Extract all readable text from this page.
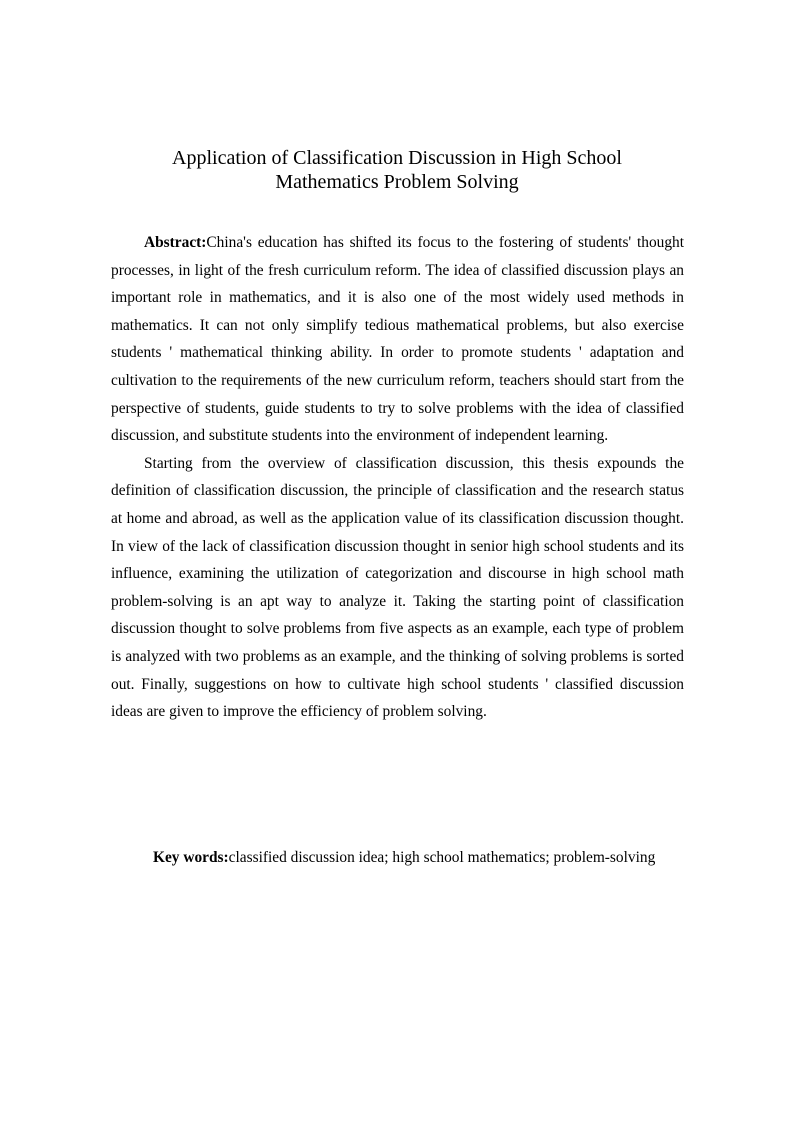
Application of Classification Discussion in High School
Mathematics Problem Solving

Abstract:China's education has shifted its focus to the fostering of students' thought processes, in light of the fresh curriculum reform. The idea of classified discussion plays an important role in mathematics, and it is also one of the most widely used methods in mathematics. It can not only simplify tedious mathematical problems, but also exercise students ' mathematical thinking ability. In order to promote students ' adaptation and cultivation to the requirements of the new curriculum reform, teachers should start from the perspective of students, guide students to try to solve problems with the idea of classified discussion, and substitute students into the environment of independent learning.

Starting from the overview of classification discussion, this thesis expounds the definition of classification discussion, the principle of classification and the research status at home and abroad, as well as the application value of its classification discussion thought. In view of the lack of classification discussion thought in senior high school students and its influence, examining the utilization of categorization and discourse in high school math problem-solving is an apt way to analyze it. Taking the starting point of classification discussion thought to solve problems from five aspects as an example, each type of problem is analyzed with two problems as an example, and the thinking of solving problems is sorted out. Finally, suggestions on how to cultivate high school students ' classified discussion ideas are given to improve the efficiency of problem solving.

Key words:classified discussion idea; high school mathematics; problem-solving
